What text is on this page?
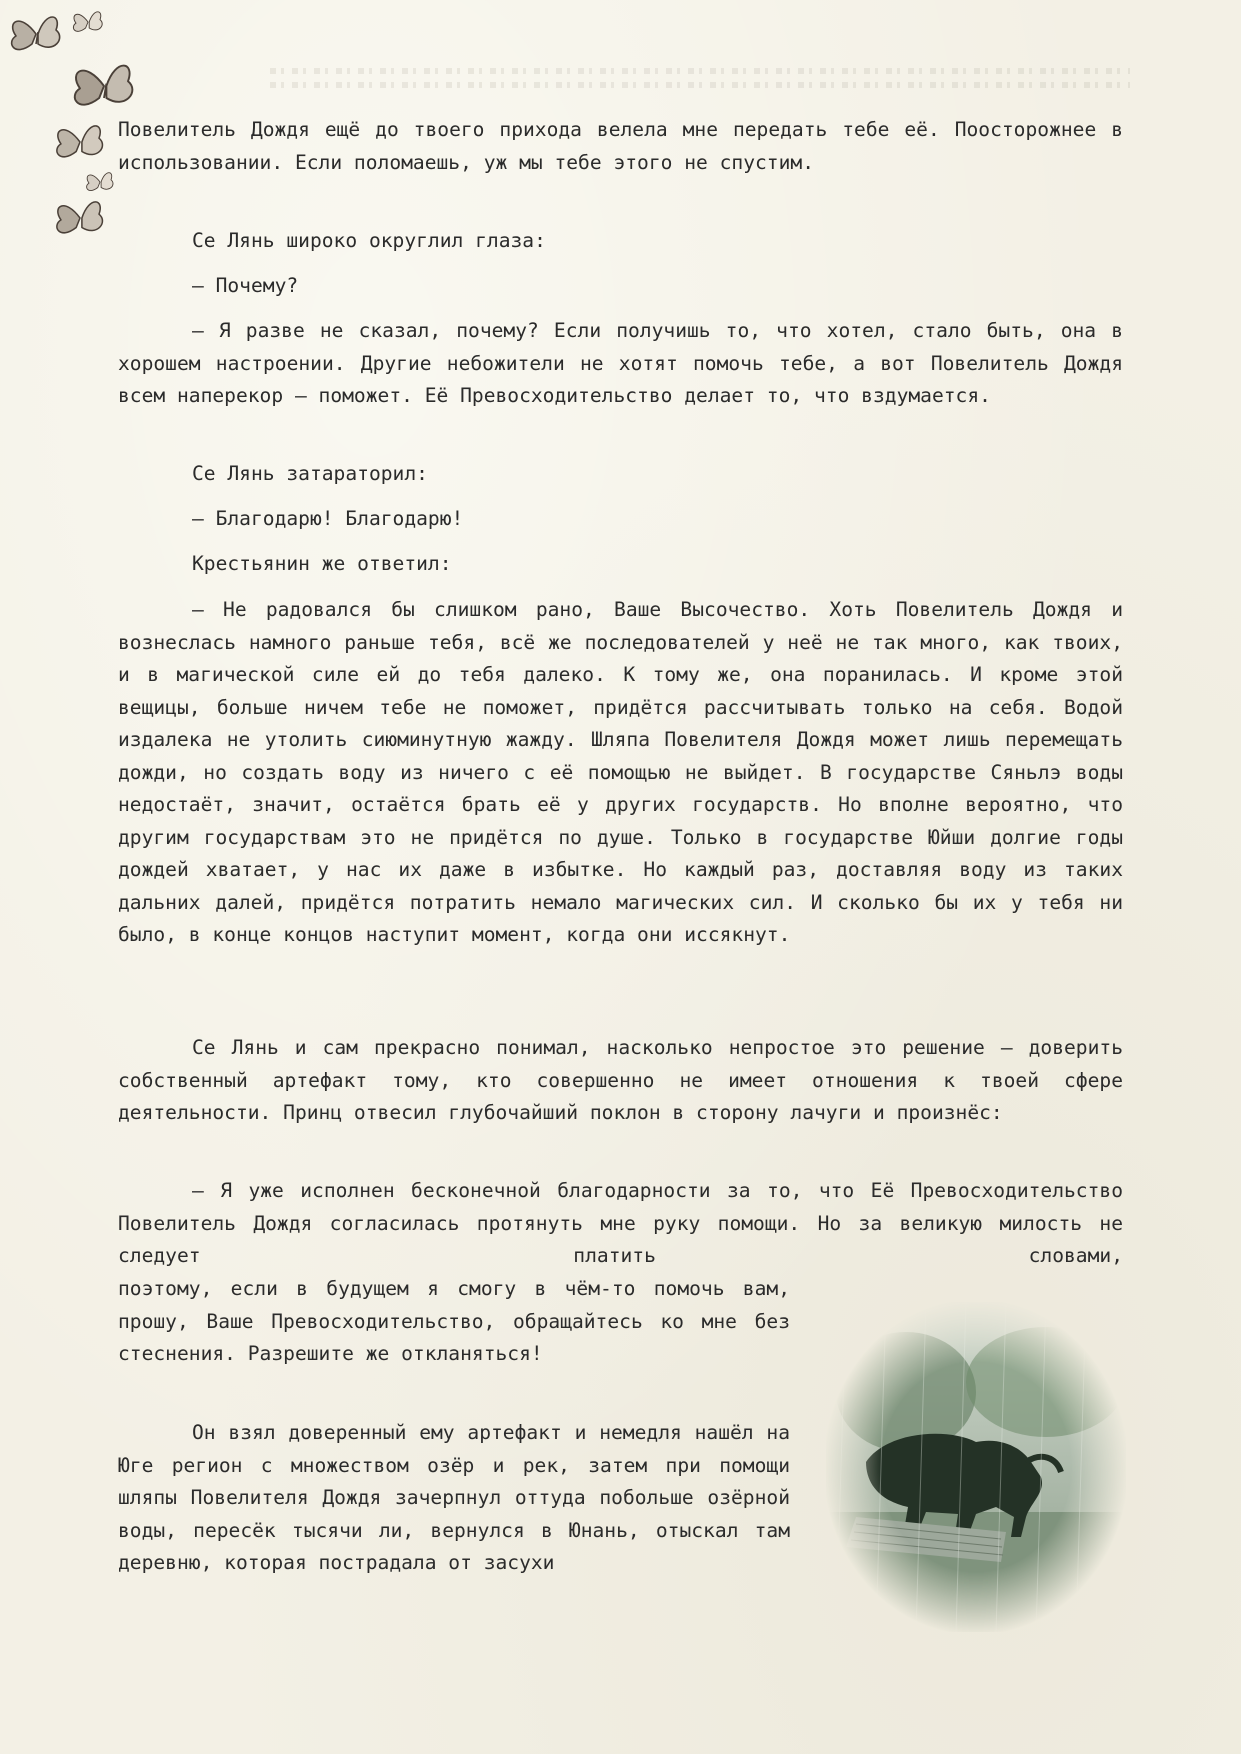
Повелитель Дождя ещё до твоего прихода велела мне передать тебе её. Поосторожнее в использовании. Если поломаешь, уж мы тебе этого не спустим.

Се Лянь широко округлил глаза:

— Почему?

— Я разве не сказал, почему? Если получишь то, что хотел, стало быть, она в хорошем настроении. Другие небожители не хотят помочь тебе, а вот Повелитель Дождя всем наперекор — поможет. Её Превосходительство делает то, что вздумается.

Се Лянь затараторил:

— Благодарю! Благодарю!

Крестьянин же ответил:

— Не радовался бы слишком рано, Ваше Высочество. Хоть Повелитель Дождя и вознеслась намного раньше тебя, всё же последователей у неё не так много, как твоих, и в магической силе ей до тебя далеко. К тому же, она поранилась. И кроме этой вещицы, больше ничем тебе не поможет, придётся рассчитывать только на себя. Водой издалека не утолить сиюминутную жажду. Шляпа Повелителя Дождя может лишь перемещать дожди, но создать воду из ничего с её помощью не выйдет. В государстве Сяньлэ воды недостаёт, значит, остаётся брать её у других государств. Но вполне вероятно, что другим государствам это не придётся по душе. Только в государстве Юйши долгие годы дождей хватает, у нас их даже в избытке. Но каждый раз, доставляя воду из таких дальних далей, придётся потратить немало магических сил. И сколько бы их у тебя ни было, в конце концов наступит момент, когда они иссякнут.

Се Лянь и сам прекрасно понимал, насколько непростое это решение — доверить собственный артефакт тому, кто совершенно не имеет отношения к твоей сфере деятельности. Принц отвесил глубочайший поклон в сторону лачуги и произнёс:

— Я уже исполнен бесконечной благодарности за то, что Её Превосходительство Повелитель Дождя согласилась протянуть мне руку помощи. Но за великую милость не следует платить словами,

поэтому, если в будущем я смогу в чём-то помочь вам, прошу, Ваше Превосходительство, обращайтесь ко мне без стеснения. Разрешите же откланяться!

Он взял доверенный ему артефакт и немедля нашёл на Юге регион с множеством озёр и рек, затем при помощи шляпы Повелителя Дождя зачерпнул оттуда побольше озёрной воды, пересёк тысячи ли, вернулся в Юнань, отыскал там деревню, которая пострадала от засухи
